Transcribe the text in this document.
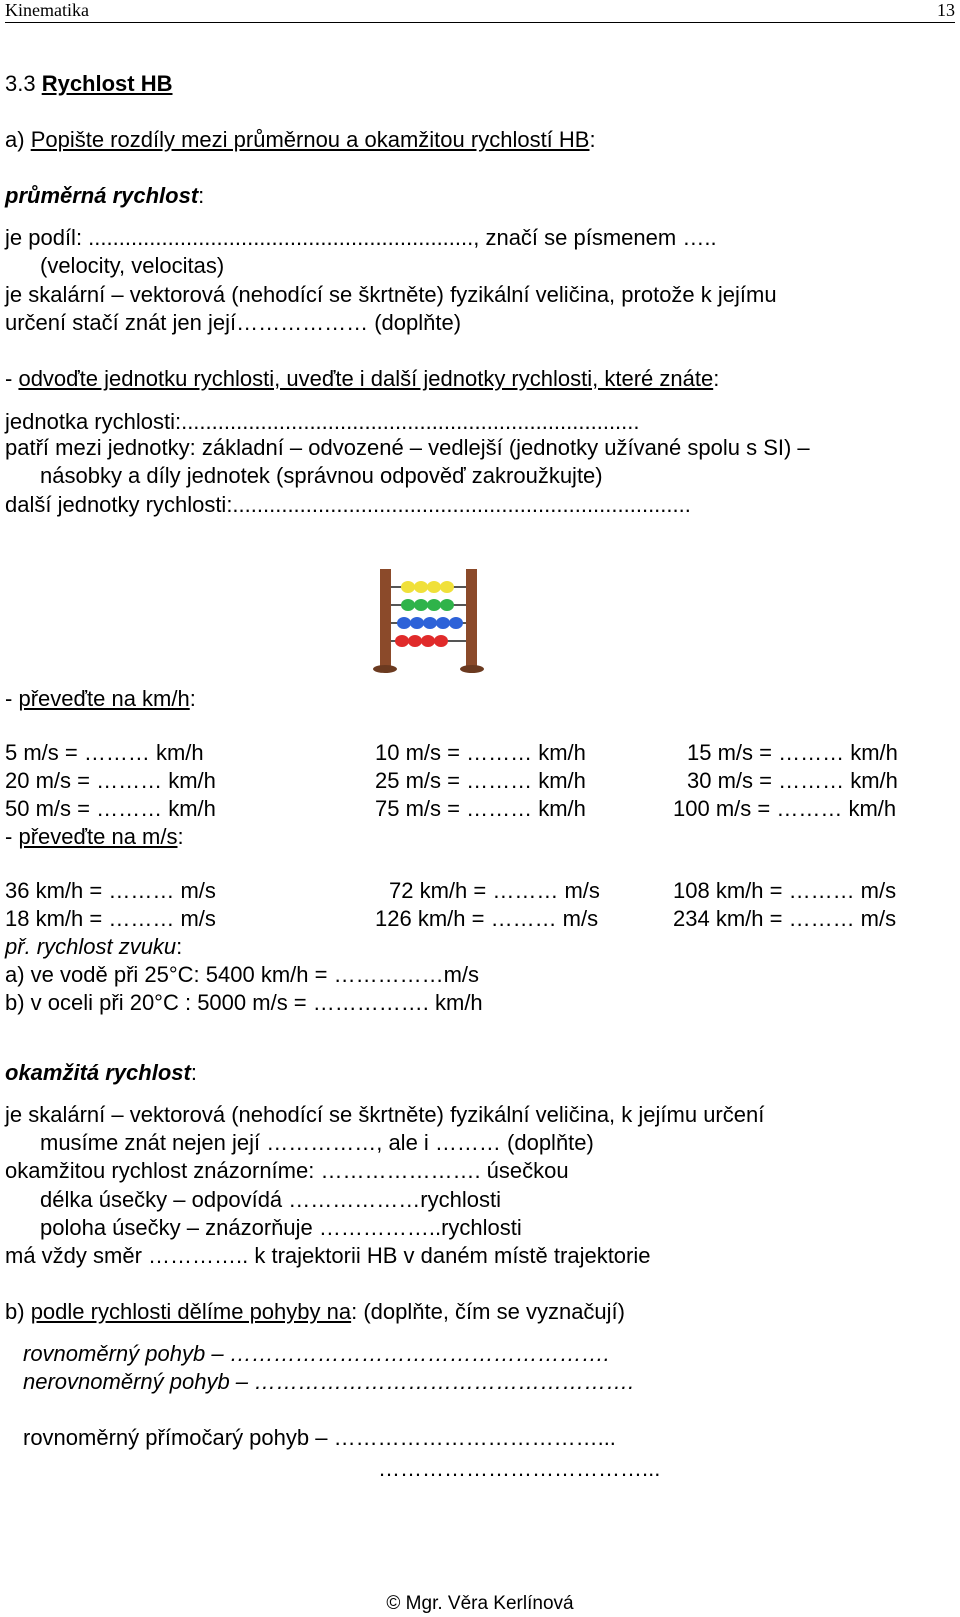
Kinematika	13
3.3 Rychlost HB
a) Popište rozdíly mezi průměrnou a okamžitou rychlostí HB:
průměrná rychlost:
je podíl: ..............................................................., značí se písmenem …..
(velocity, velocitas)
je skalární – vektorová (nehodící se škrtněte) fyzikální veličina, protože k jejímu
určení stačí znát jen její……………… (doplňte)
- odvoďte jednotku rychlosti, uveďte i další jednotky rychlosti, které znáte:
jednotka rychlosti:...........................................................................
patří mezi jednotky: základní – odvozené – vedlejší (jednotky užívané spolu s SI) –
násobky a díly jednotek (správnou odpověď zakroužkujte)
další jednotky rychlosti:...........................................................................
- převeďte na km/h:
5 m/s = ……… km/h	10 m/s = ……… km/h	15 m/s = ……… km/h
20 m/s = ……… km/h	25 m/s = ……… km/h	30 m/s = ……… km/h
50 m/s = ……… km/h	75 m/s = ……… km/h	100 m/s = ……… km/h
- převeďte na m/s:
36 km/h = ……… m/s	72 km/h = ……… m/s	108 km/h = ……… m/s
18 km/h = ……… m/s	126 km/h = ……… m/s	234 km/h = ……… m/s
př. rychlost zvuku:
a) ve vodě při 25°C: 5400 km/h = ……………m/s
b) v oceli při 20°C : 5000 m/s = ……………. km/h
okamžitá rychlost:
je skalární – vektorová (nehodící se škrtněte) fyzikální veličina, k jejímu určení
musíme znát nejen její ……………, ale i ……… (doplňte)
okamžitou rychlost znázorníme: …………………. úsečkou
délka úsečky – odpovídá ………………rychlosti
poloha úsečky – znázorňuje ……………..rychlosti
má vždy směr ………….. k trajektorii HB v daném místě trajektorie
b) podle rychlosti dělíme pohyby na: (doplňte, čím se vyznačují)
rovnoměrný pohyb – …………………………………………….
nerovnoměrný pohyb – …………………………………………….
rovnoměrný přímočarý pohyb – ………………………………...
………………………………...
© Mgr. Věra Kerlínová
